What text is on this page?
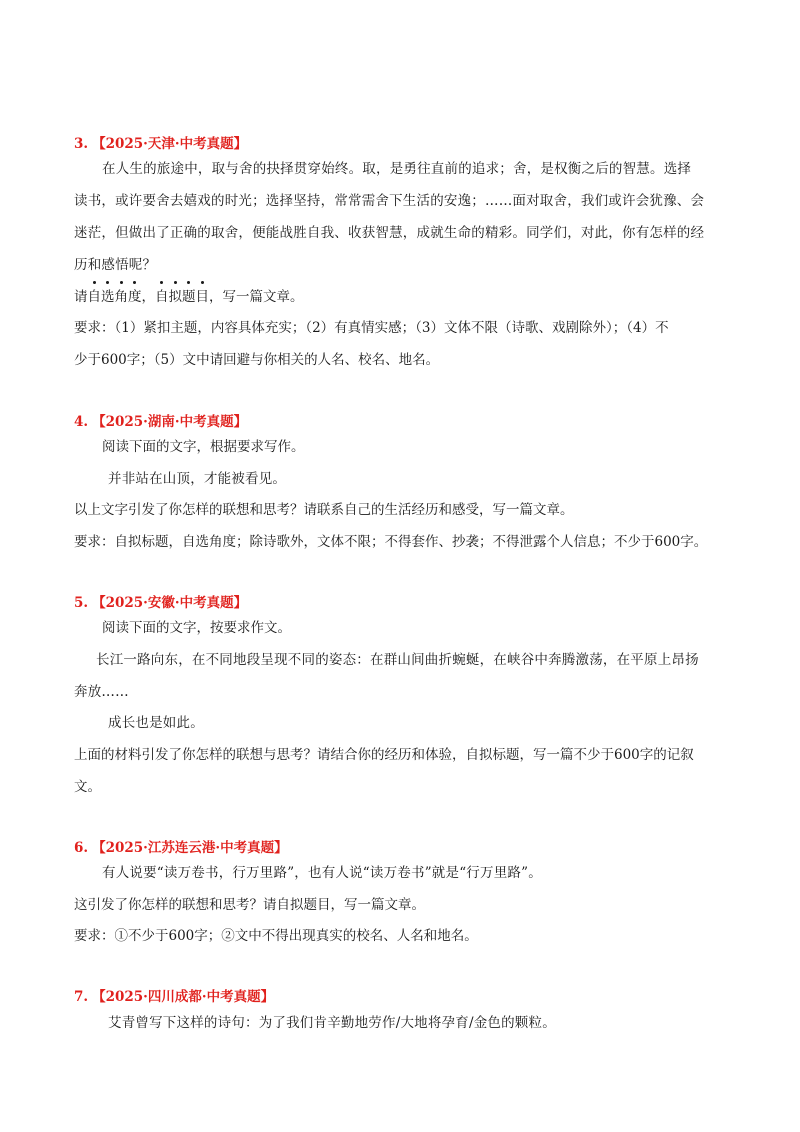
3. 【2025·天津·中考真题】
在人生的旅途中，取与舍的抉择贯穿始终。取，是勇往直前的追求；舍，是权衡之后的智慧。选择
读书，或许要舍去嬉戏的时光；选择坚持，常常需舍下生活的安逸；……面对取舍，我们或许会犹豫、会
迷茫，但做出了正确的取舍，便能战胜自我、收获智慧，成就生命的精彩。同学们，对此，你有怎样的经
历和感悟呢？
请自选角度，自拟题目，写一篇文章。
要求：（1）紧扣主题，内容具体充实；（2）有真情实感；（3）文体不限（诗歌、戏剧除外）；（4）不
少于600字；（5）文中请回避与你相关的人名、校名、地名。
4. 【2025·湖南·中考真题】
阅读下面的文字，根据要求写作。
并非站在山顶，才能被看见。
以上文字引发了你怎样的联想和思考？请联系自己的生活经历和感受，写一篇文章。
要求：自拟标题，自选角度；除诗歌外，文体不限；不得套作、抄袭；不得泄露个人信息；不少于600字。
5. 【2025·安徽·中考真题】
阅读下面的文字，按要求作文。
长江一路向东，在不同地段呈现不同的姿态：在群山间曲折蜿蜒，在峡谷中奔腾激荡，在平原上昂扬
奔放……
成长也是如此。
上面的材料引发了你怎样的联想与思考？请结合你的经历和体验，自拟标题，写一篇不少于600字的记叙
文。
6. 【2025·江苏连云港·中考真题】
有人说要“读万卷书，行万里路”，也有人说“读万卷书”就是“行万里路”。
这引发了你怎样的联想和思考？请自拟题目，写一篇文章。
要求：①不少于600字；②文中不得出现真实的校名、人名和地名。
7. 【2025·四川成都·中考真题】
艾青曾写下这样的诗句：为了我们肯辛勤地劳作/大地将孕育/金色的颗粒。
